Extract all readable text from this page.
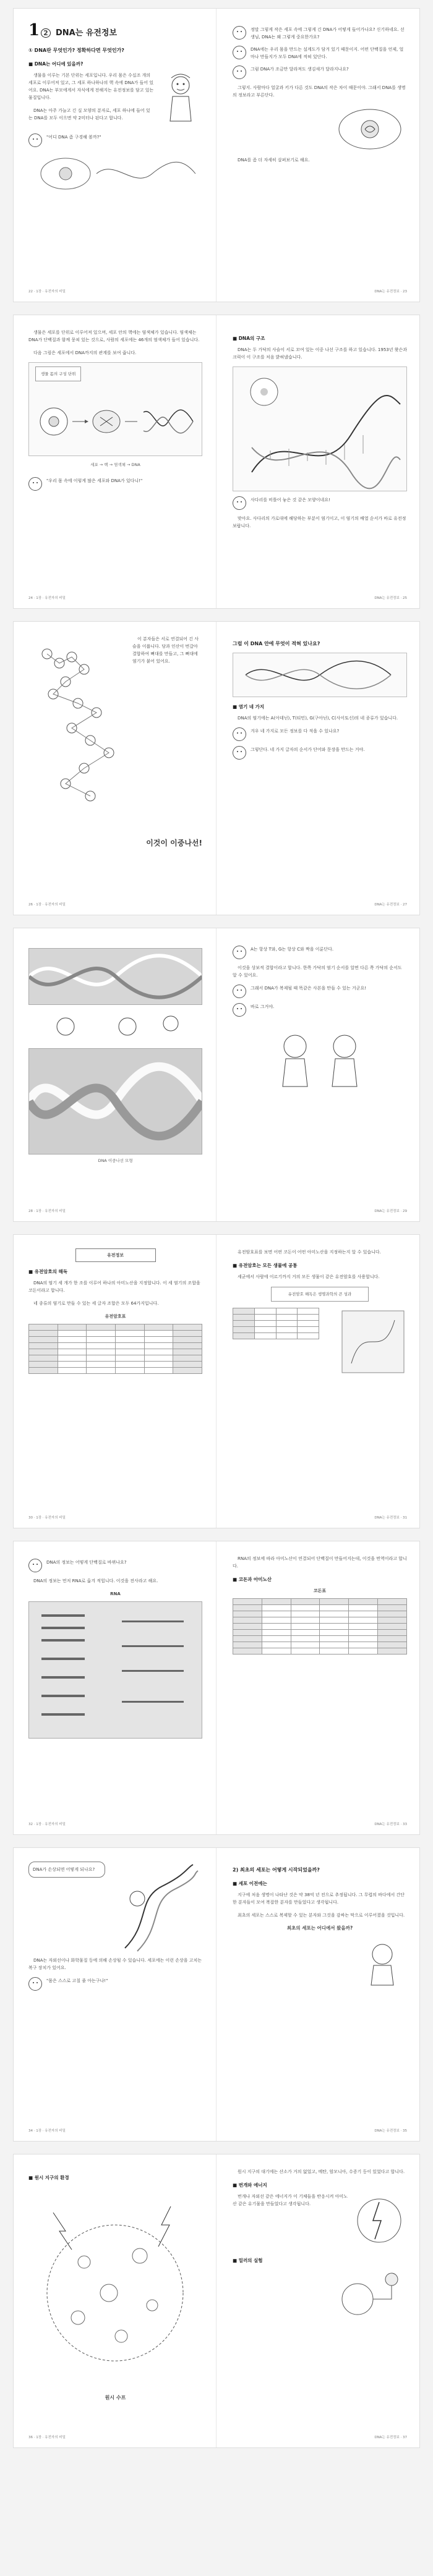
1 2 DNA는 유전정보
① DNA란 무엇인가? 정확하다면 무엇인가?
■ DNA는 어디에 있을까?

생물을 이루는 기본 단위는 세포입니다. 우리 몸은 수십조 개의 세포로 이루어져 있고, 그 세포 하나하나의 핵 속에 DNA가 들어 있어요. DNA는 부모에게서 자식에게 전해지는 유전정보를 담고 있는 물질입니다.

DNA는 아주 가늘고 긴 실 모양의 분자로, 세포 하나에 들어 있는 DNA를 모두 이으면 약 2미터나 된다고 합니다.

"어디 DNA 좀 구경해 볼까?"
22 · 1장 · 유전자의 비밀
정말 그렇게 작은 세포 속에 그렇게 긴 DNA가 어떻게 들어가나요? 신기하네요. 선생님, DNA는 왜 그렇게 중요한가요?
DNA에는 우리 몸을 만드는 설계도가 담겨 있기 때문이지. 어떤 단백질을 언제, 얼마나 만들지가 모두 DNA에 적혀 있단다.
그럼 DNA가 조금만 달라져도 생김새가 달라지나요?

그렇지. 사람마다 얼굴과 키가 다른 것도 DNA의 작은 차이 때문이야. 그래서 DNA를 생명의 정보라고 부른단다.

DNA를 좀 더 자세히 살펴보기로 해요.

DNA는 유전정보 · 23

생물은 세포를 단위로 이루어져 있으며, 세포 안의 핵에는 염색체가 있습니다. 염색체는 DNA가 단백질과 함께 뭉쳐 있는 것으로, 사람의 세포에는 46개의 염색체가 들어 있습니다.

다음 그림은 세포에서 DNA까지의 관계를 보여 줍니다.

생물 몸의 구성 단위
세포 → 핵 → 염색체 → DNA
"우리 몸 속에 이렇게 많은 세포와 DNA가 있다니!"
24 · 1장 · 유전자의 비밀
■ DNA의 구조

DNA는 두 가닥의 사슬이 서로 꼬여 있는 이중 나선 구조를 하고 있습니다. 1953년 왓슨과 크릭이 이 구조를 처음 밝혀냈습니다.

사다리를 비틀어 놓은 것 같은 모양이네요!

맞아요. 사다리의 가로대에 해당하는 부분이 염기이고, 이 염기의 배열 순서가 바로 유전정보랍니다.

DNA는 유전정보 · 25

이 분자들은 서로 연결되어 긴 사슬을 이룹니다. 당과 인산이 번갈아 결합하여 뼈대를 만들고, 그 뼈대에 염기가 붙어 있어요.

이것이 이중나선!
26 · 1장 · 유전자의 비밀
그럼 이 DNA 안에 무엇이 적혀 있나요?
■ 염기 네 가지

DNA의 염기에는 A(아데닌), T(티민), G(구아닌), C(사이토신)의 네 종류가 있습니다.

겨우 네 가지로 모든 정보를 다 적을 수 있나요?
그렇단다. 네 가지 글자의 순서가 단어와 문장을 만드는 거야.
DNA는 유전정보 · 27
DNA 이중나선 모형
28 · 1장 · 유전자의 비밀
A는 항상 T와, G는 항상 C와 짝을 이룬단다.

이것을 상보적 결합이라고 합니다. 한쪽 가닥의 염기 순서를 알면 다른 쪽 가닥의 순서도 알 수 있어요.

그래서 DNA가 복제될 때 똑같은 사본을 만들 수 있는 거군요!
바로 그거야.
DNA는 유전정보 · 29
유전정보
■ 유전암호의 해독

DNA의 염기 세 개가 한 조를 이루어 하나의 아미노산을 지정합니다. 이 세 염기의 조합을 코돈이라고 합니다.

네 종류의 염기로 만들 수 있는 세 글자 조합은 모두 64가지입니다.

유전암호표

30 · 1장 · 유전자의 비밀

유전암호표를 보면 어떤 코돈이 어떤 아미노산을 지정하는지 알 수 있습니다.

■ 유전암호는 모든 생물에 공통

세균에서 사람에 이르기까지 거의 모든 생물이 같은 유전암호를 사용합니다.

유전암호 해독은 생명과학의 큰 성과

DNA는 유전정보 · 31
DNA의 정보는 어떻게 단백질로 바뀌나요?

DNA의 정보는 먼저 RNA로 옮겨 적힙니다. 이것을 전사라고 해요.

RNA
32 · 1장 · 유전자의 비밀

RNA의 정보에 따라 아미노산이 연결되어 단백질이 만들어지는데, 이것을 번역이라고 합니다.

■ 코돈과 아미노산
코돈표

DNA는 유전정보 · 33
DNA가 손상되면 어떻게 되나요?

DNA는 자외선이나 화학물질 등에 의해 손상될 수 있습니다. 세포에는 이런 손상을 고치는 복구 장치가 있어요.

"몸은 스스로 고칠 줄 아는구나!"
34 · 1장 · 유전자의 비밀
2) 최초의 세포는 어떻게 시작되었을까?
■ 세포 이전에는

지구에 처음 생명이 나타난 것은 약 38억 년 전으로 추정됩니다. 그 무렵의 바다에서 간단한 분자들이 모여 복잡한 분자를 만들었다고 생각됩니다.

최초의 세포는 스스로 복제할 수 있는 분자와 그것을 감싸는 막으로 이루어졌을 것입니다.

최초의 세포는 어디에서 왔을까?
DNA는 유전정보 · 35
■ 원시 지구의 환경
원시 수프
36 · 1장 · 유전자의 비밀

원시 지구의 대기에는 산소가 거의 없었고, 메탄, 암모니아, 수증기 등이 있었다고 합니다.

■ 번개와 에너지

번개나 자외선 같은 에너지가 이 기체들을 반응시켜 아미노산 같은 유기물을 만들었다고 생각됩니다.

■ 밀러의 실험
DNA는 유전정보 · 37
